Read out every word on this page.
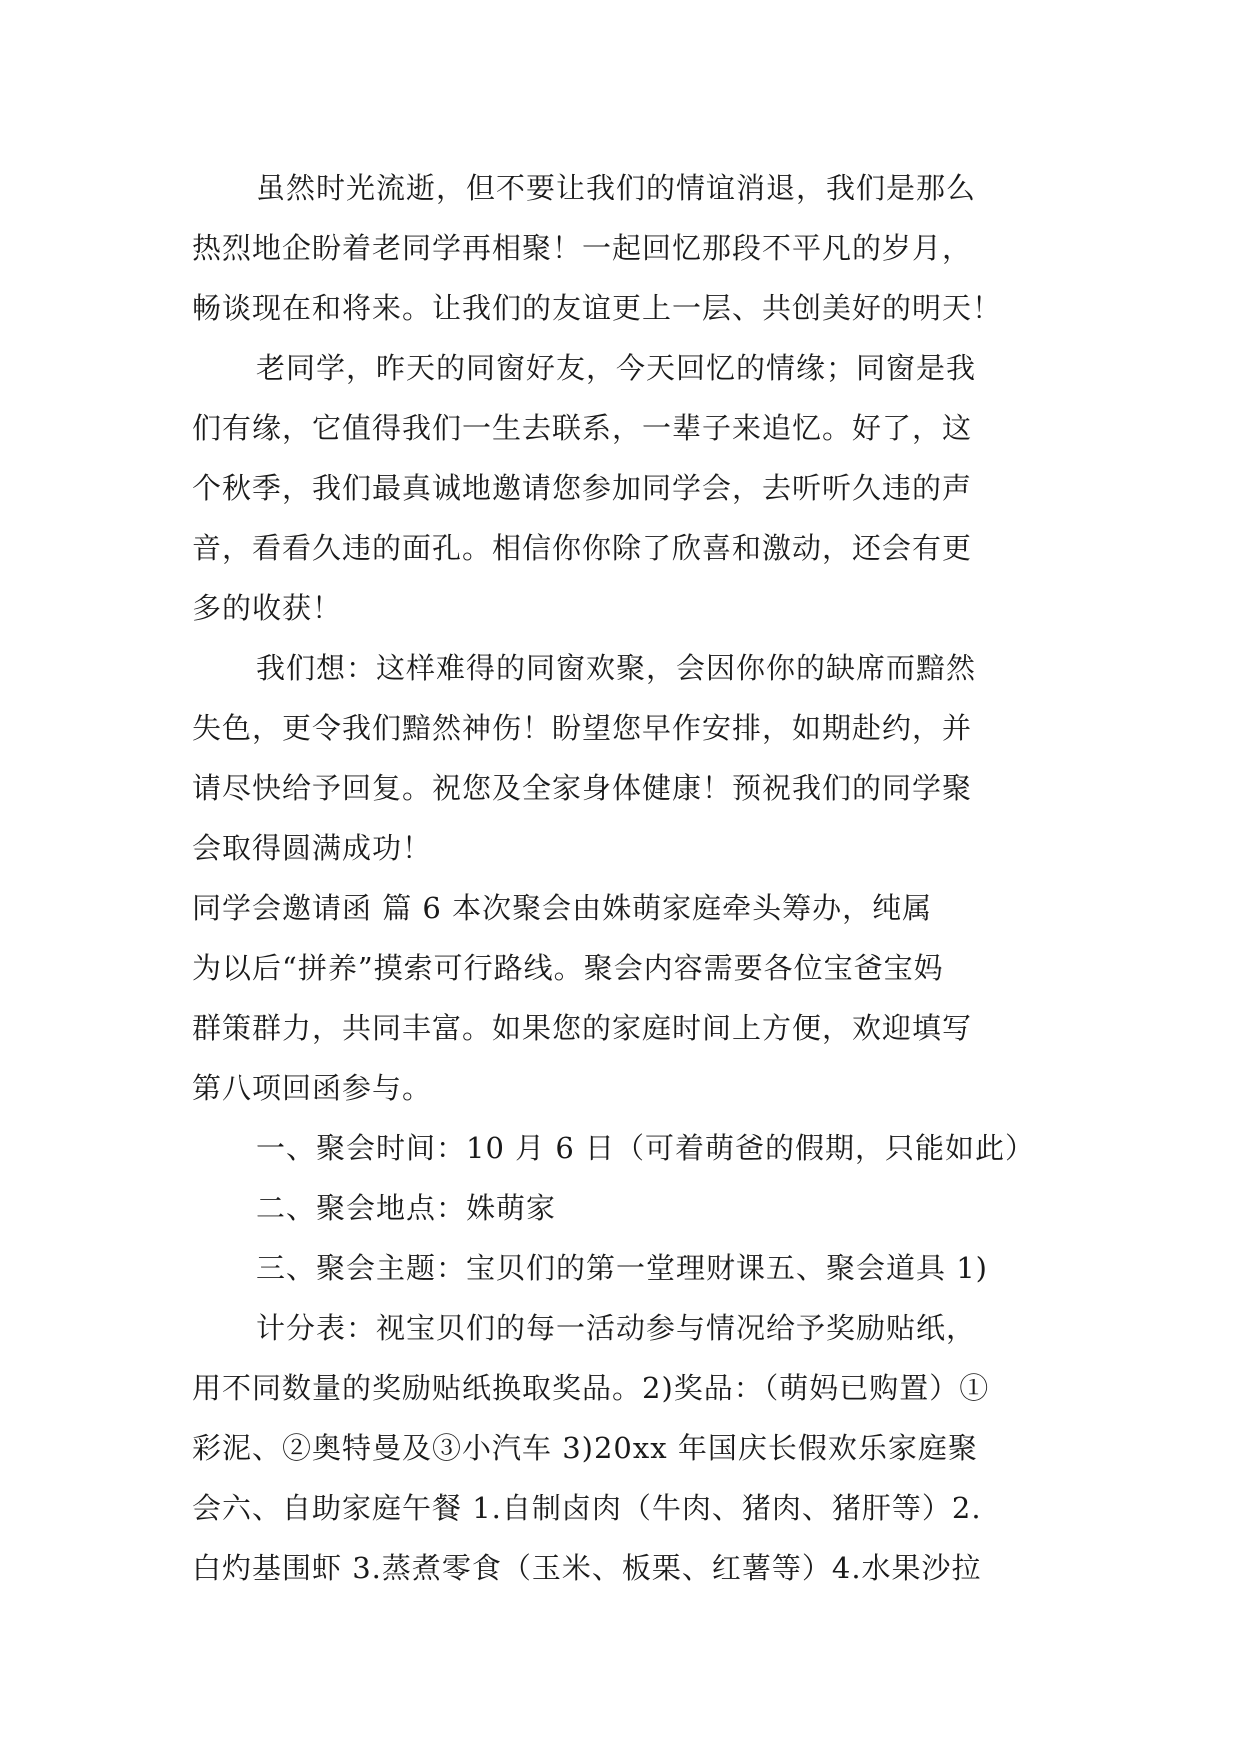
虽然时光流逝，但不要让我们的情谊消退，我们是那么
热烈地企盼着老同学再相聚！一起回忆那段不平凡的岁月，
畅谈现在和将来。让我们的友谊更上一层、共创美好的明天！
老同学，昨天的同窗好友，今天回忆的情缘；同窗是我
们有缘，它值得我们一生去联系，一辈子来追忆。好了，这
个秋季，我们最真诚地邀请您参加同学会，去听听久违的声
音，看看久违的面孔。相信你你除了欣喜和激动，还会有更
多的收获！
我们想：这样难得的同窗欢聚，会因你你的缺席而黯然
失色，更令我们黯然神伤！盼望您早作安排，如期赴约，并
请尽快给予回复。祝您及全家身体健康！预祝我们的同学聚
会取得圆满成功！
同学会邀请函 篇 6 本次聚会由姝萌家庭牵头筹办，纯属
为以后“拼养”摸索可行路线。聚会内容需要各位宝爸宝妈
群策群力，共同丰富。如果您的家庭时间上方便，欢迎填写
第八项回函参与。
一、聚会时间：10 月 6 日（可着萌爸的假期，只能如此）
二、聚会地点：姝萌家
三、聚会主题：宝贝们的第一堂理财课五、聚会道具 1)
计分表：视宝贝们的每一活动参与情况给予奖励贴纸，
用不同数量的奖励贴纸换取奖品。2)奖品：（萌妈已购置）①
彩泥、②奥特曼及③小汽车 3)20xx 年国庆长假欢乐家庭聚
会六、自助家庭午餐 1.自制卤肉（牛肉、猪肉、猪肝等）2.
白灼基围虾 3.蒸煮零食（玉米、板栗、红薯等）4.水果沙拉
